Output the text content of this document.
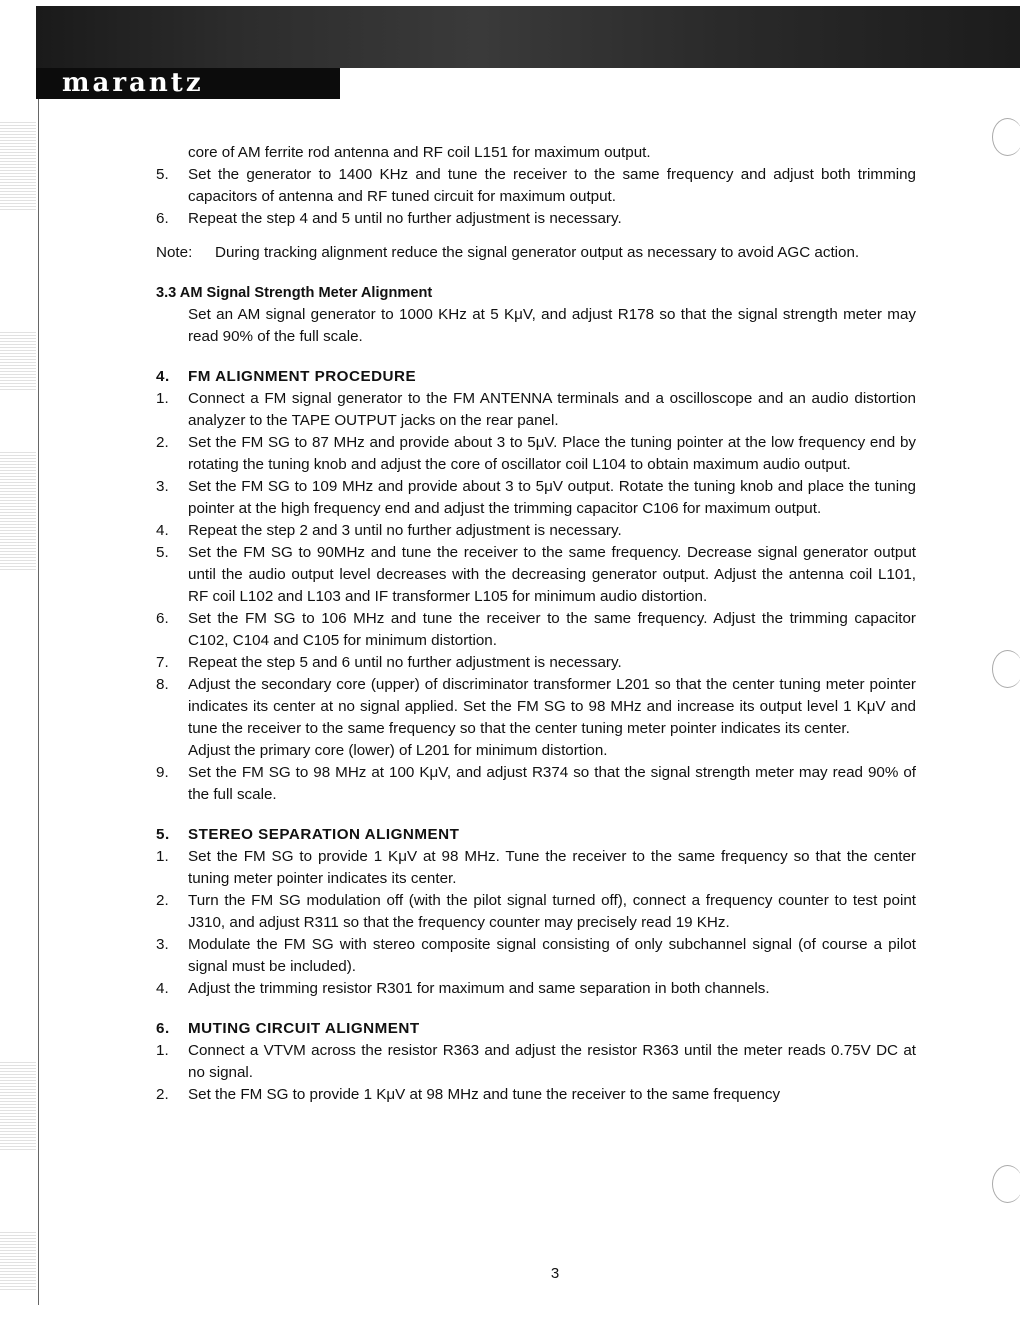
marantz
core of AM ferrite rod antenna and RF coil L151 for maximum output.
5. Set the generator to 1400 KHz and tune the receiver to the same frequency and adjust both trimming capacitors of antenna and RF tuned circuit for maximum output.
6. Repeat the step 4 and 5 until no further adjustment is necessary.
Note: During tracking alignment reduce the signal generator output as necessary to avoid AGC action.
3.3 AM Signal Strength Meter Alignment
Set an AM signal generator to 1000 KHz at 5 KμV, and adjust R178 so that the signal strength meter may read 90% of the full scale.
4. FM ALIGNMENT PROCEDURE
1. Connect a FM signal generator to the FM ANTENNA terminals and a oscilloscope and an audio distortion analyzer to the TAPE OUTPUT jacks on the rear panel.
2. Set the FM SG to 87 MHz and provide about 3 to 5μV. Place the tuning pointer at the low frequency end by rotating the tuning knob and adjust the core of oscillator coil L104 to obtain maximum audio output.
3. Set the FM SG to 109 MHz and provide about 3 to 5μV output. Rotate the tuning knob and place the tuning pointer at the high frequency end and adjust the trimming capacitor C106 for maximum output.
4. Repeat the step 2 and 3 until no further adjustment is necessary.
5. Set the FM SG to 90MHz and tune the receiver to the same frequency. Decrease signal generator output until the audio output level decreases with the decreasing generator output. Adjust the antenna coil L101, RF coil L102 and L103 and IF transformer L105 for minimum audio distortion.
6. Set the FM SG to 106 MHz and tune the receiver to the same frequency. Adjust the trimming capacitor C102, C104 and C105 for minimum distortion.
7. Repeat the step 5 and 6 until no further adjustment is necessary.
8. Adjust the secondary core (upper) of discriminator transformer L201 so that the center tuning meter pointer indicates its center at no signal applied. Set the FM SG to 98 MHz and increase its output level 1 KμV and tune the receiver to the same frequency so that the center tuning meter pointer indicates its center.
Adjust the primary core (lower) of L201 for minimum distortion.
9. Set the FM SG to 98 MHz at 100 KμV, and adjust R374 so that the signal strength meter may read 90% of the full scale.
5. STEREO SEPARATION ALIGNMENT
1. Set the FM SG to provide 1 KμV at 98 MHz. Tune the receiver to the same frequency so that the center tuning meter pointer indicates its center.
2. Turn the FM SG modulation off (with the pilot signal turned off), connect a frequency counter to test point J310, and adjust R311 so that the frequency counter may precisely read 19 KHz.
3. Modulate the FM SG with stereo composite signal consisting of only subchannel signal (of course a pilot signal must be included).
4. Adjust the trimming resistor R301 for maximum and same separation in both channels.
6. MUTING CIRCUIT ALIGNMENT
1. Connect a VTVM across the resistor R363 and adjust the resistor R363 until the meter reads 0.75V DC at no signal.
2. Set the FM SG to provide 1 KμV at 98 MHz and tune the receiver to the same frequency
3
